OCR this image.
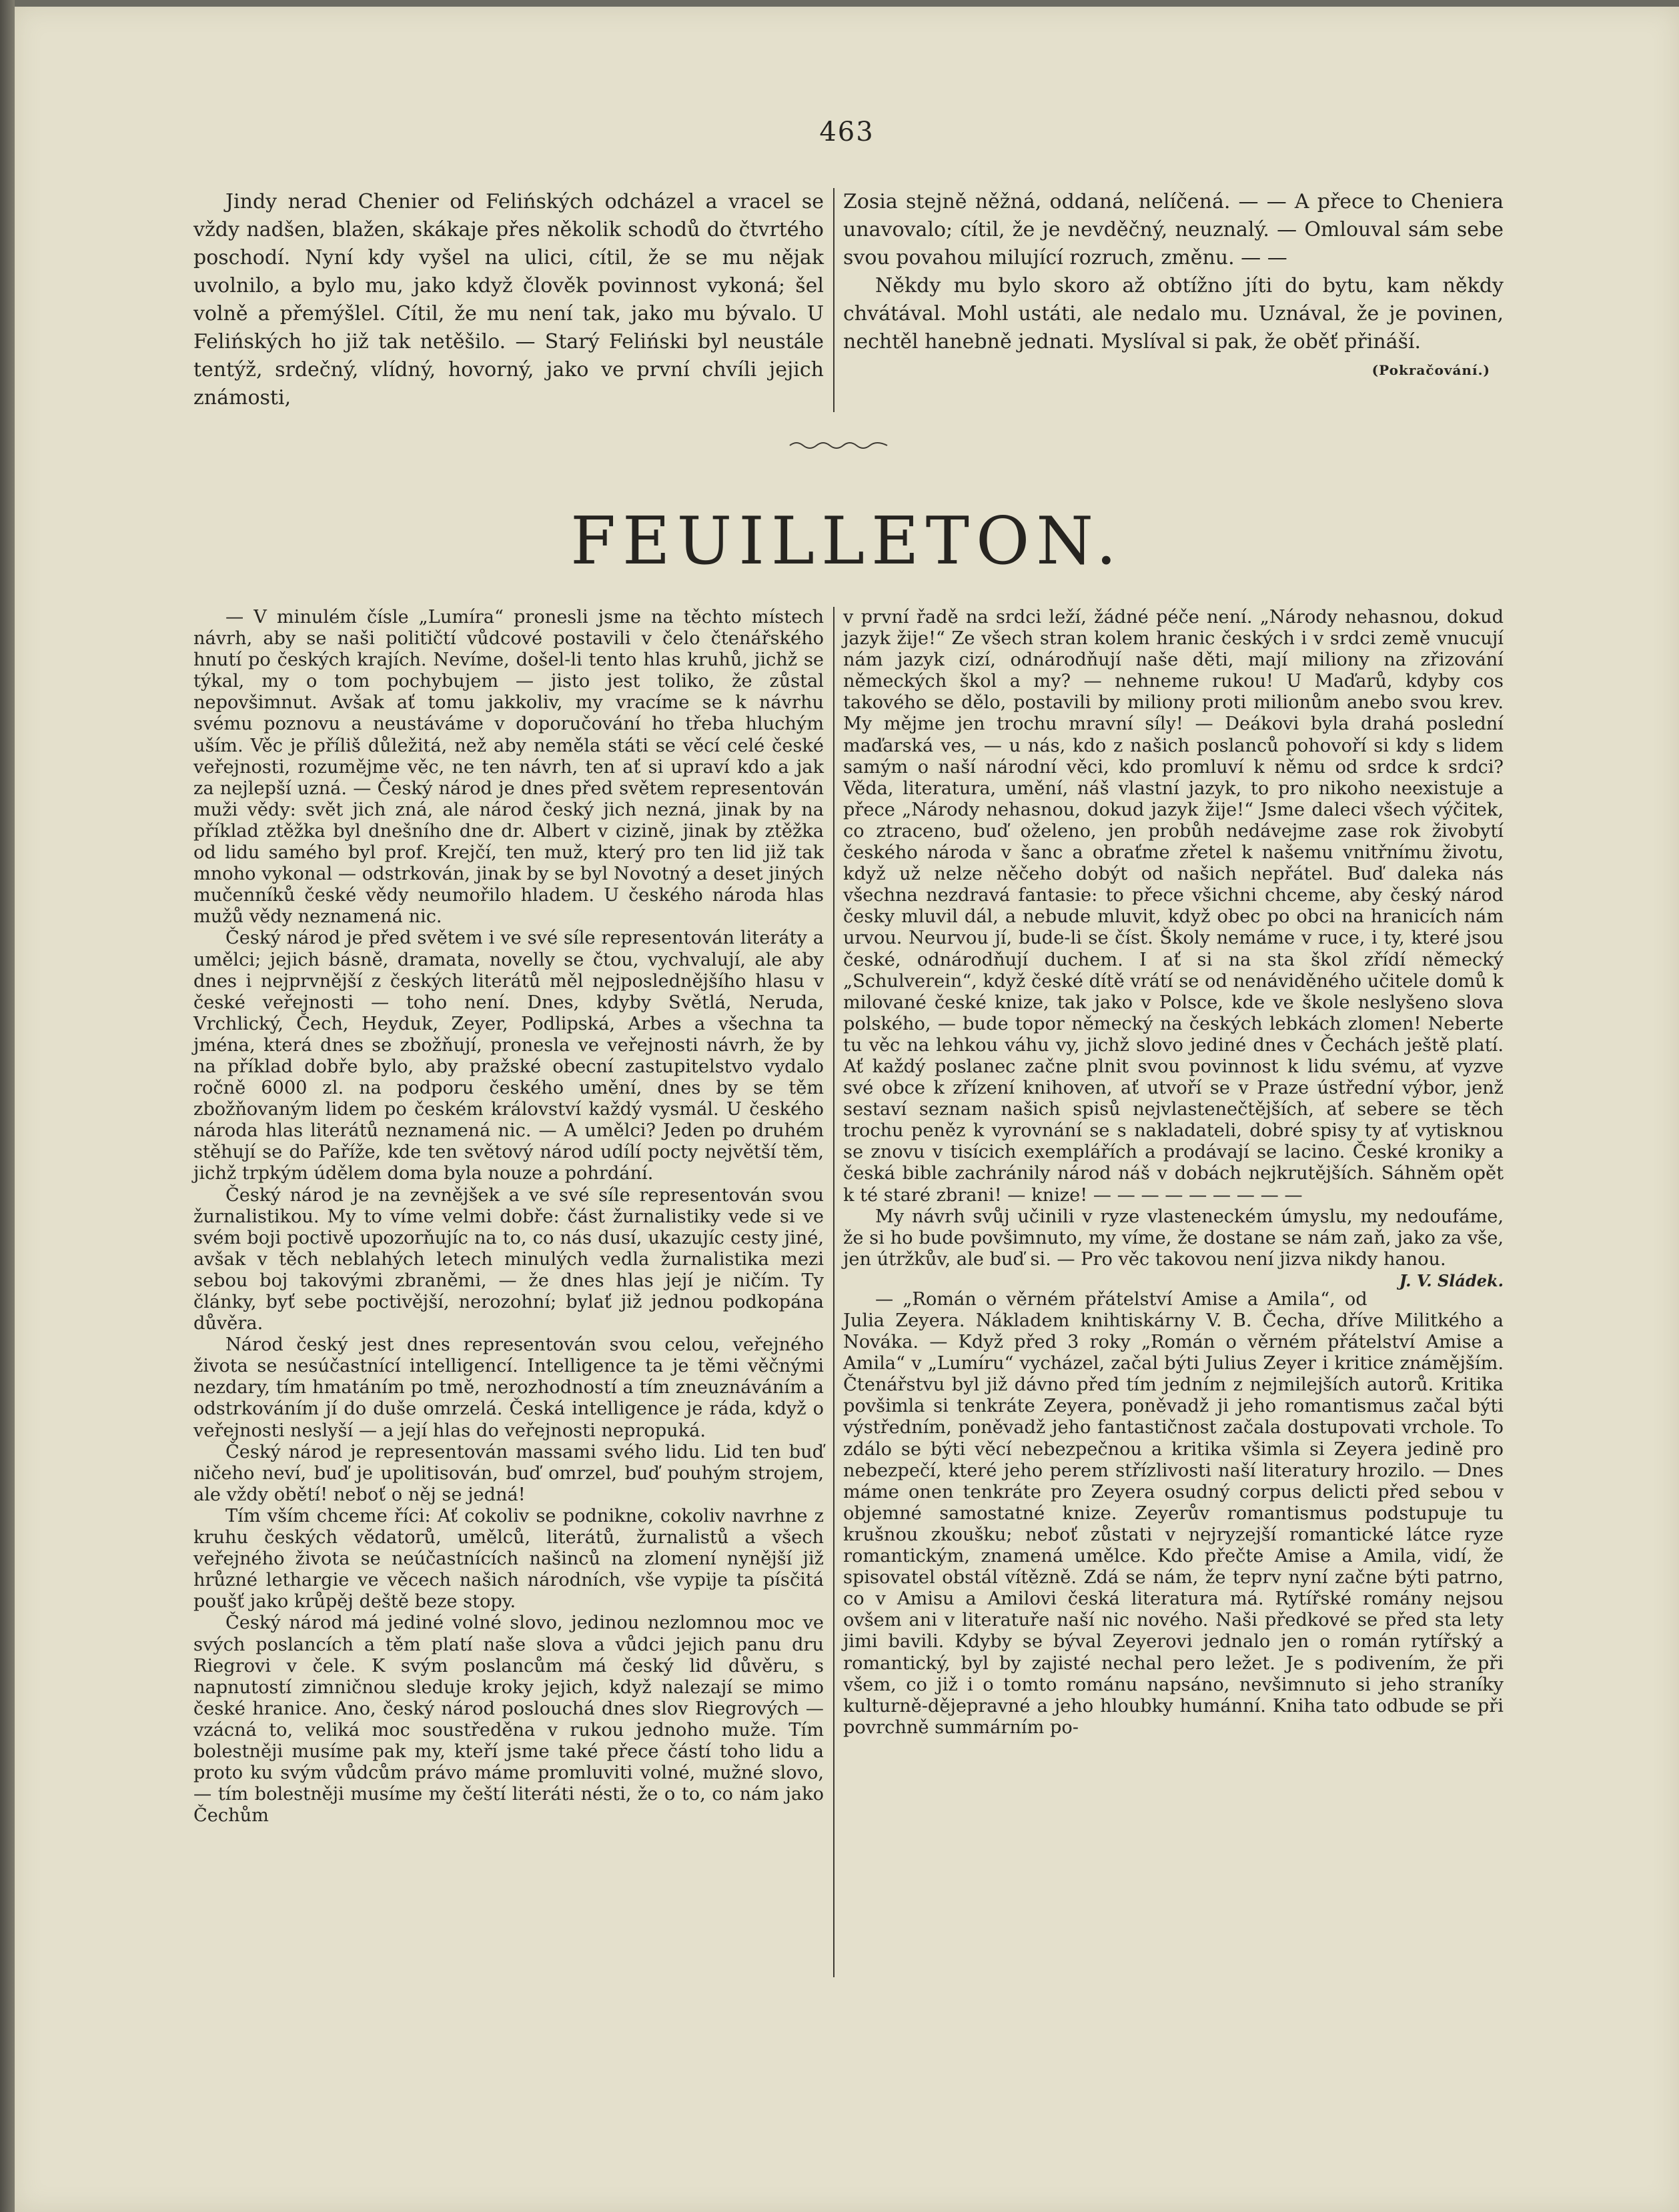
463

Jindy nerad Chenier od Felińských odcházel a vracel se vždy nadšen, blažen, skákaje přes několik schodů do čtvrtého poschodí. Nyní kdy vyšel na ulici, cítil, že se mu nějak uvolnilo, a bylo mu, jako když člověk povinnost vykoná; šel volně a přemýšlel. Cítil, že mu není tak, jako mu bývalo. U Felińských ho již tak netěšilo. — Starý Feliński byl neustále tentýž, srdečný, vlídný, hovorný, jako ve první chvíli jejich známosti,

Zosia stejně něžná, oddaná, nelíčená. — — A přece to Cheniera unavovalo; cítil, že je nevděčný, neuznalý. — Omlouval sám sebe svou povahou milující rozruch, změnu. — —

Někdy mu bylo skoro až obtížno jíti do bytu, kam někdy chvátával. Mohl ustáti, ale nedalo mu. Uznával, že je povinen, nechtěl hanebně jednati. Myslíval si pak, že oběť přináší.
(Pokračování.)

FEUILLETON.

— V minulém čísle „Lumíra“ pronesli jsme na těchto místech návrh, aby se naši političtí vůdcové postavili v čelo čtenářského hnutí po českých krajích. Nevíme, došel-li tento hlas kruhů, jichž se týkal, my o tom pochybujem — jisto jest toliko, že zůstal nepovšimnut. Avšak ať tomu jakkoliv, my vracíme se k návrhu svému poznovu a neustáváme v doporučování ho třeba hluchým uším. Věc je příliš důležitá, než aby neměla státi se věcí celé české veřejnosti, rozumějme věc, ne ten návrh, ten ať si upraví kdo a jak za nejlepší uzná. — Český národ je dnes před světem representován muži vědy: svět jich zná, ale národ český jich nezná, jinak by na příklad ztěžka byl dnešního dne dr. Albert v cizině, jinak by ztěžka od lidu samého byl prof. Krejčí, ten muž, který pro ten lid již tak mnoho vykonal — odstrkován, jinak by se byl Novotný a deset jiných mučenníků české vědy neumořilo hladem. U českého národa hlas mužů vědy neznamená nic.

Český národ je před světem i ve své síle representován literáty a umělci; jejich básně, dramata, novelly se čtou, vychvalují, ale aby dnes i nejprvnější z českých literátů měl nejposlednějšího hlasu v české veřejnosti — toho není. Dnes, kdyby Světlá, Neruda, Vrchlický, Čech, Heyduk, Zeyer, Podlipská, Arbes a všechna ta jména, která dnes se zbožňují, pronesla ve veřejnosti návrh, že by na příklad dobře bylo, aby pražské obecní zastupitelstvo vydalo ročně 6000 zl. na podporu českého umění, dnes by se těm zbožňovaným lidem po českém království každý vysmál. U českého národa hlas literátů neznamená nic. — A umělci? Jeden po druhém stěhují se do Paříže, kde ten světový národ udílí pocty největší těm, jichž trpkým údělem doma byla nouze a pohrdání.

Český národ je na zevnějšek a ve své síle representován svou žurnalistikou. My to víme velmi dobře: část žurnalistiky vede si ve svém boji poctivě upozorňujíc na to, co nás dusí, ukazujíc cesty jiné, avšak v těch neblahých letech minulých vedla žurnalistika mezi sebou boj takovými zbraněmi, — že dnes hlas její je ničím. Ty články, byť sebe poctivější, nerozohní; bylať již jednou podkopána důvěra.

Národ český jest dnes representován svou celou, veřejného života se nesúčastnící intelligencí. Intelligence ta je těmi věčnými nezdary, tím hmatáním po tmě, nerozhodností a tím zneuznáváním a odstrkováním jí do duše omrzelá. Česká intelligence je ráda, když o veřejnosti neslyší — a její hlas do veřejnosti nepropuká.

Český národ je representován massami svého lidu. Lid ten buď ničeho neví, buď je upolitisován, buď omrzel, buď pouhým strojem, ale vždy obětí! neboť o něj se jedná!

Tím vším chceme říci: Ať cokoliv se podnikne, cokoliv navrhne z kruhu českých vědatorů, umělců, literátů, žurnalistů a všech veřejného života se neúčastnících našinců na zlomení nynější již hrůzné lethargie ve věcech našich národních, vše vypije ta písčitá poušť jako krůpěj deště beze stopy.

Český národ má jediné volné slovo, jedinou nezlomnou moc ve svých poslancích a těm platí naše slova a vůdci jejich panu dru Riegrovi v čele. K svým poslancům má český lid důvěru, s napnutostí zimničnou sleduje kroky jejich, když nalezají se mimo české hranice. Ano, český národ poslouchá dnes slov Riegrových — vzácná to, veliká moc soustředěna v rukou jednoho muže. Tím bolestněji musíme pak my, kteří jsme také přece částí toho lidu a proto ku svým vůdcům právo máme promluviti volné, mužné slovo, — tím bolestněji musíme my čeští literáti nésti, že o to, co nám jako Čechům

v první řadě na srdci leží, žádné péče není. „Národy nehasnou, dokud jazyk žije!“ Ze všech stran kolem hranic českých i v srdci země vnucují nám jazyk cizí, odnárodňují naše děti, mají miliony na zřizování německých škol a my? — nehneme rukou! U Maďarů, kdyby cos takového se dělo, postavili by miliony proti milionům anebo svou krev. My mějme jen trochu mravní síly! — Deákovi byla drahá poslední maďarská ves, — u nás, kdo z našich poslanců pohovoří si kdy s lidem samým o naší národní věci, kdo promluví k němu od srdce k srdci? Věda, literatura, umění, náš vlastní jazyk, to pro nikoho neexistuje a přece „Národy nehasnou, dokud jazyk žije!“ Jsme daleci všech výčitek, co ztraceno, buď oželeno, jen probůh nedávejme zase rok živobytí českého národa v šanc a obraťme zřetel k našemu vnitřnímu životu, když už nelze něčeho dobýt od našich nepřátel. Buď daleka nás všechna nezdravá fantasie: to přece všichni chceme, aby český národ česky mluvil dál, a nebude mluvit, když obec po obci na hranicích nám urvou. Neurvou jí, bude-li se číst. Školy nemáme v ruce, i ty, které jsou české, odnárodňují duchem. I ať si na sta škol zřídí německý „Schulverein“, když české dítě vrátí se od nenáviděného učitele domů k milované české knize, tak jako v Polsce, kde ve škole neslyšeno slova polského, — bude topor německý na českých lebkách zlomen! Neberte tu věc na lehkou váhu vy, jichž slovo jediné dnes v Čechách ještě platí. Ať každý poslanec začne plnit svou povinnost k lidu svému, ať vyzve své obce k zřízení knihoven, ať utvoří se v Praze ústřední výbor, jenž sestaví seznam našich spisů nejvlastenečtějších, ať sebere se těch trochu peněz k vyrovnání se s nakladateli, dobré spisy ty ať vytisknou se znovu v tisícich exemplářích a prodávají se lacino. České kroniky a česká bible zachránily národ náš v dobách nejkrutějších. Sáhněm opět k té staré zbrani! — knize! — — — — — — — — —

My návrh svůj učinili v ryze vlasteneckém úmyslu, my nedoufáme, že si ho bude povšimnuto, my víme, že dostane se nám zaň, jako za vše, jen útržkův, ale buď si. — Pro věc takovou není jizva nikdy hanou.
J. V. Sládek.

— „Román o věrném přátelství Amise a Amila“, od Julia Zeyera. Nákladem knihtiskárny V. B. Čecha, dříve Militkého a Nováka. — Když před 3 roky „Román o věrném přátelství Amise a Amila“ v „Lumíru“ vycházel, začal býti Julius Zeyer i kritice známějším. Čtenářstvu byl již dávno před tím jedním z nejmilejších autorů. Kritika povšimla si tenkráte Zeyera, poněvadž ji jeho romantismus začal býti výstředním, poněvadž jeho fantastičnost začala dostupovati vrchole. To zdálo se býti věcí nebezpečnou a kritika všimla si Zeyera jedině pro nebezpečí, které jeho perem střízlivosti naší literatury hrozilo. — Dnes máme onen tenkráte pro Zeyera osudný corpus delicti před sebou v objemné samostatné knize. Zeyerův romantismus podstupuje tu krušnou zkoušku; neboť zůstati v nejryzejší romantické látce ryze romantickým, znamená umělce. Kdo přečte Amise a Amila, vidí, že spisovatel obstál vítězně. Zdá se nám, že teprv nyní začne býti patrno, co v Amisu a Amilovi česká literatura má. Rytířské romány nejsou ovšem ani v literatuře naší nic nového. Naši předkové se před sta lety jimi bavili. Kdyby se býval Zeyerovi jednalo jen o román rytířský a romantický, byl by zajisté nechal pero ležet. Je s podivením, že při všem, co již i o tomto románu napsáno, nevšimnuto si jeho straníky kulturně-dějepravné a jeho hloubky humánní. Kniha tato odbude se při povrchně summárním po-
